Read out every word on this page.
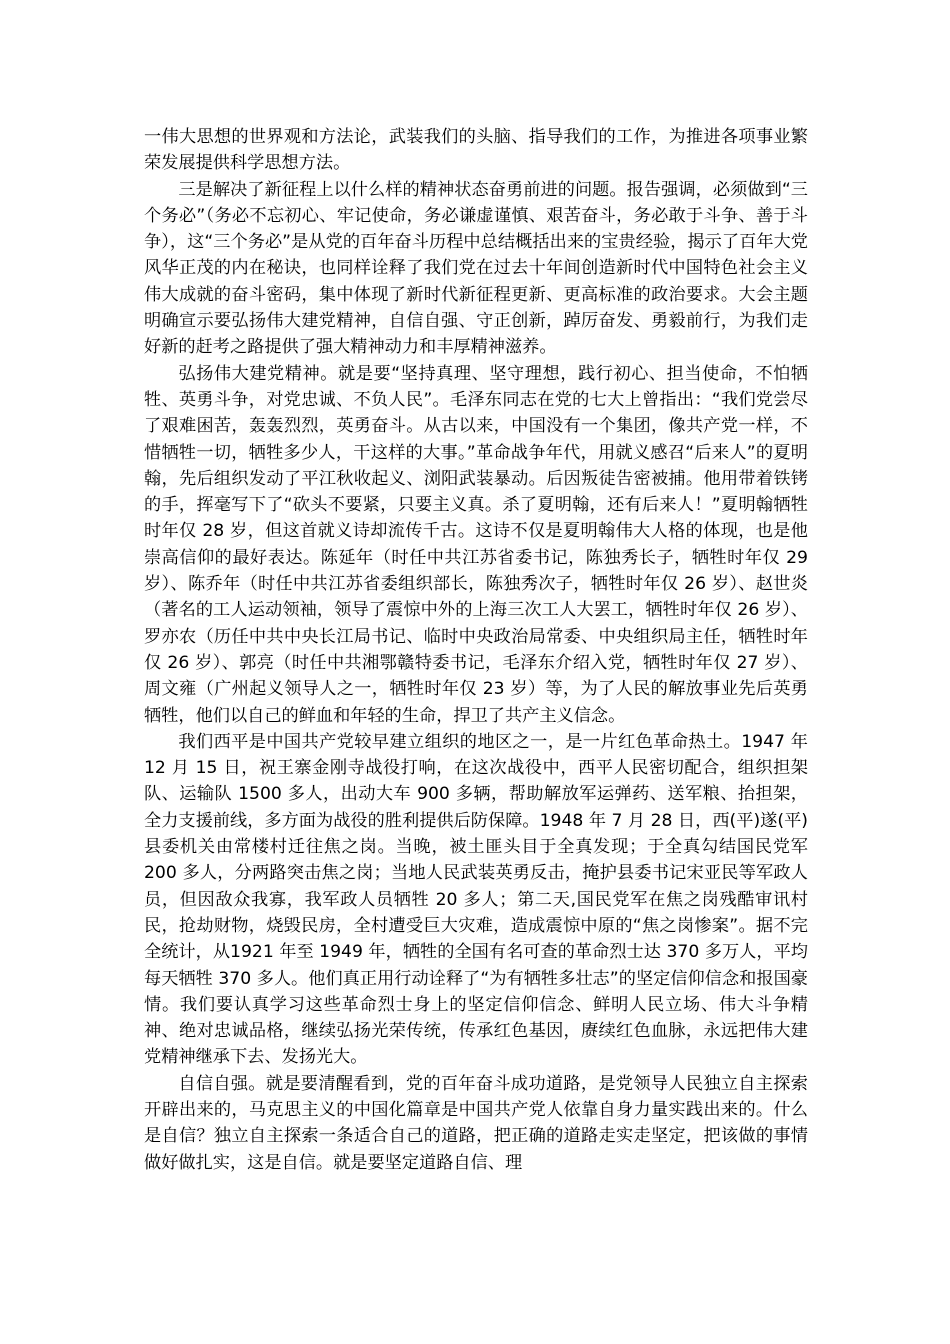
一伟大思想的世界观和方法论，武装我们的头脑、指导我们的工作，为推进各项事业繁荣发展提供科学思想方法。

三是解决了新征程上以什么样的精神状态奋勇前进的问题。报告强调，必须做到“三个务必”（务必不忘初心、牢记使命，务必谦虚谨慎、艰苦奋斗，务必敢于斗争、善于斗争），这“三个务必”是从党的百年奋斗历程中总结概括出来的宝贵经验，揭示了百年大党风华正茂的内在秘诀，也同样诠释了我们党在过去十年间创造新时代中国特色社会主义伟大成就的奋斗密码，集中体现了新时代新征程更新、更高标准的政治要求。大会主题明确宣示要弘扬伟大建党精神，自信自强、守正创新，踔厉奋发、勇毅前行，为我们走好新的赶考之路提供了强大精神动力和丰厚精神滋养。

弘扬伟大建党精神。就是要“坚持真理、坚守理想，践行初心、担当使命，不怕牺牲、英勇斗争，对党忠诚、不负人民”。毛泽东同志在党的七大上曾指出：“我们党尝尽了艰难困苦，轰轰烈烈，英勇奋斗。从古以来，中国没有一个集团，像共产党一样，不惜牺牲一切，牺牲多少人，干这样的大事。”革命战争年代，用就义感召“后来人”的夏明翰，先后组织发动了平江秋收起义、浏阳武装暴动。后因叛徒告密被捕。他用带着铁铐的手，挥毫写下了“砍头不要紧，只要主义真。杀了夏明翰，还有后来人！”夏明翰牺牲时年仅 28 岁，但这首就义诗却流传千古。这诗不仅是夏明翰伟大人格的体现，也是他崇高信仰的最好表达。陈延年（时任中共江苏省委书记，陈独秀长子，牺牲时年仅 29 岁）、陈乔年（时任中共江苏省委组织部长，陈独秀次子，牺牲时年仅 26 岁）、赵世炎（著名的工人运动领袖，领导了震惊中外的上海三次工人大罢工，牺牲时年仅 26 岁）、罗亦农（历任中共中央长江局书记、临时中央政治局常委、中央组织局主任，牺牲时年仅 26 岁）、郭亮（时任中共湘鄂赣特委书记，毛泽东介绍入党，牺牲时年仅 27 岁）、周文雍（广州起义领导人之一，牺牲时年仅 23 岁）等，为了人民的解放事业先后英勇牺牲，他们以自己的鲜血和年轻的生命，捍卫了共产主义信念。

我们西平是中国共产党较早建立组织的地区之一，是一片红色革命热土。1947 年 12 月 15 日，祝王寨金刚寺战役打响，在这次战役中，西平人民密切配合，组织担架队、运输队 1500 多人，出动大车 900 多辆，帮助解放军运弹药、送军粮、抬担架，全力支援前线，多方面为战役的胜利提供后防保障。1948 年 7 月 28 日，西(平)遂(平)县委机关由常楼村迁往焦之岗。当晚，被土匪头目于全真发现；于全真勾结国民党军 200 多人，分两路突击焦之岗；当地人民武装英勇反击，掩护县委书记宋亚民等军政人员，但因敌众我寡，我军政人员牺牲 20 多人；第二天,国民党军在焦之岗残酷审讯村民，抢劫财物，烧毁民房，全村遭受巨大灾难，造成震惊中原的“焦之岗惨案”。据不完全统计，从1921 年至 1949 年，牺牲的全国有名可查的革命烈士达 370 多万人，平均每天牺牲 370 多人。他们真正用行动诠释了“为有牺牲多壮志”的坚定信仰信念和报国豪情。我们要认真学习这些革命烈士身上的坚定信仰信念、鲜明人民立场、伟大斗争精神、绝对忠诚品格，继续弘扬光荣传统，传承红色基因，赓续红色血脉，永远把伟大建党精神继承下去、发扬光大。

自信自强。就是要清醒看到，党的百年奋斗成功道路，是党领导人民独立自主探索开辟出来的，马克思主义的中国化篇章是中国共产党人依靠自身力量实践出来的。什么是自信？独立自主探索一条适合自己的道路，把正确的道路走实走坚定，把该做的事情做好做扎实，这是自信。就是要坚定道路自信、理
